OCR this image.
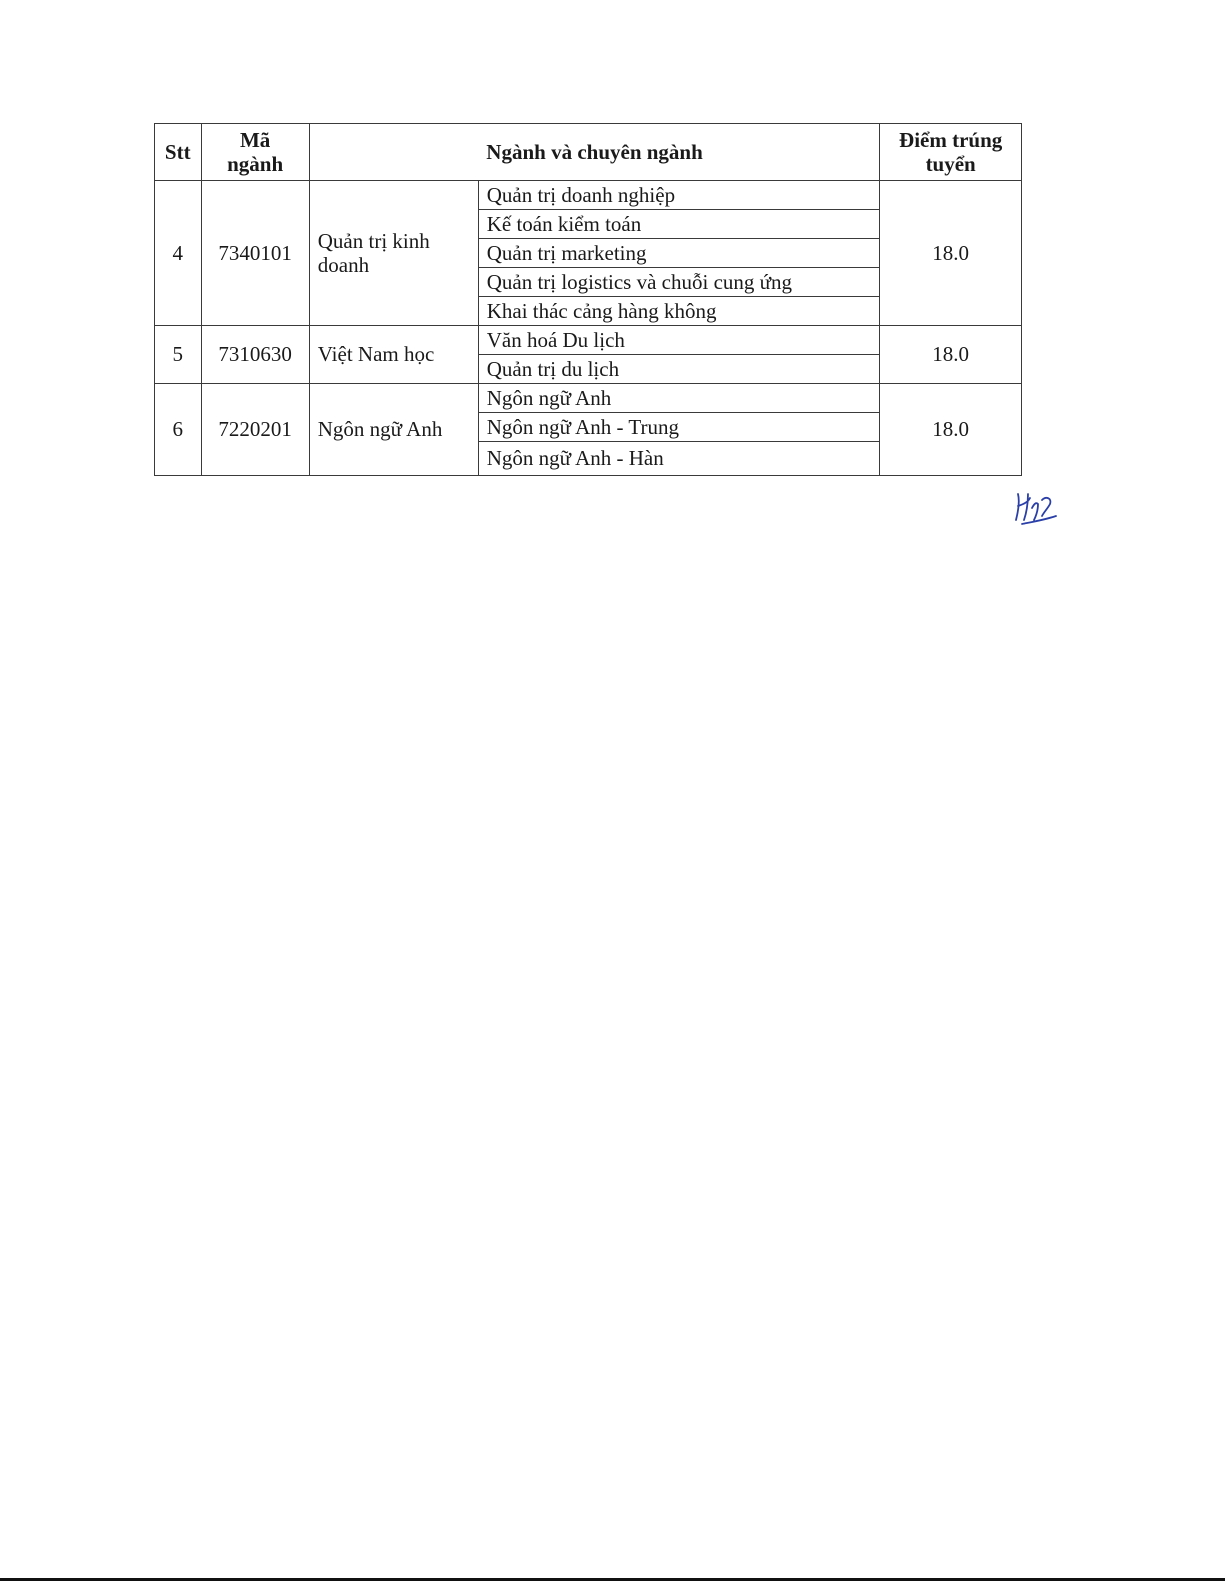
Stt	Mã ngành	Ngành và chuyên ngành		Điểm trúng tuyển
4	7340101	Quản trị kinh doanh	Quản trị doanh nghiệp	18.0
			Kế toán kiểm toán	
			Quản trị marketing	
			Quản trị logistics và chuỗi cung ứng	
			Khai thác cảng hàng không	
5	7310630	Việt Nam học	Văn hoá Du lịch	18.0
			Quản trị du lịch	
6	7220201	Ngôn ngữ Anh	Ngôn ngữ Anh	18.0
			Ngôn ngữ Anh - Trung	
			Ngôn ngữ Anh - Hàn	
